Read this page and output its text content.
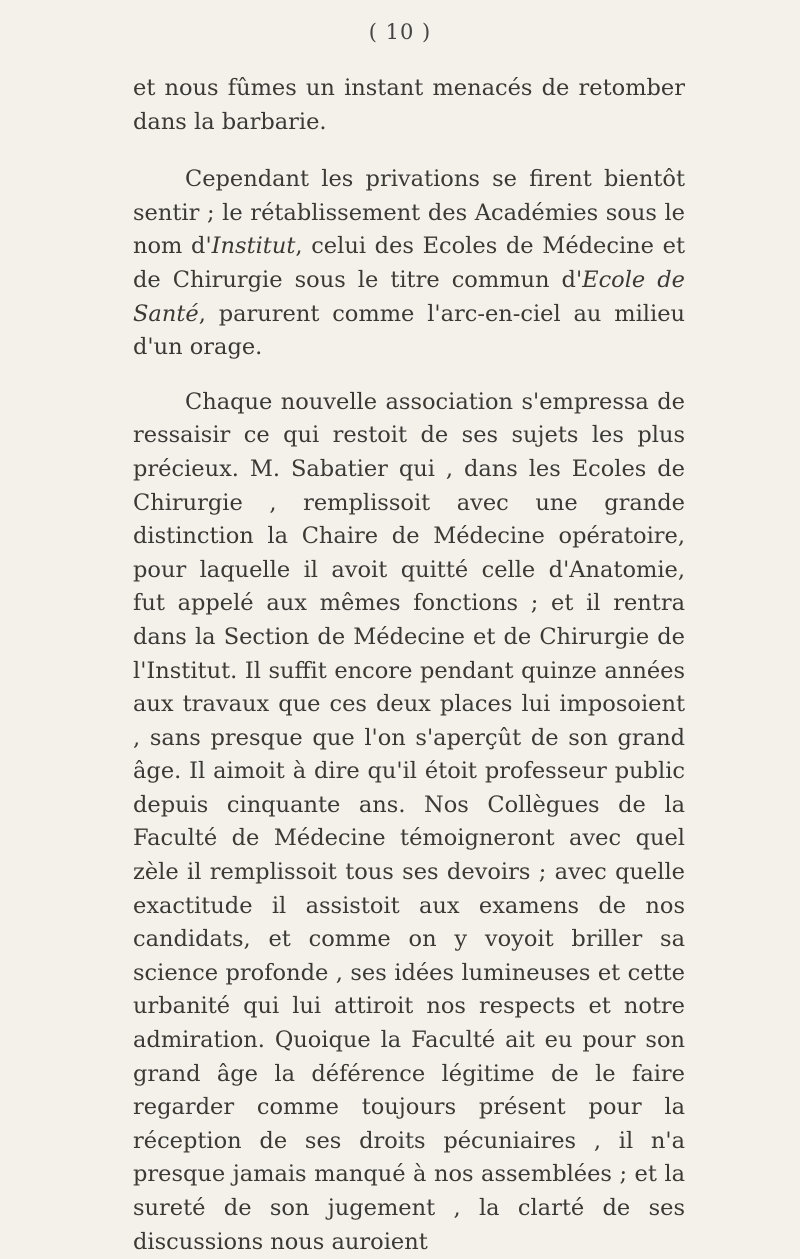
( 10 )

et nous fûmes un instant menacés de retomber dans la barbarie.

Cependant les privations se firent bientôt sentir ; le rétablissement des Académies sous le nom d'Institut, celui des Ecoles de Médecine et de Chirurgie sous le titre commun d'Ecole de Santé, parurent comme l'arc-en-ciel au milieu d'un orage.

Chaque nouvelle association s'empressa de ressaisir ce qui restoit de ses sujets les plus précieux. M. Sabatier qui , dans les Ecoles de Chirurgie , remplissoit avec une grande distinction la Chaire de Médecine opératoire, pour laquelle il avoit quitté celle d'Anatomie, fut appelé aux mêmes fonctions ; et il rentra dans la Section de Médecine et de Chirurgie de l'Institut. Il suffit encore pendant quinze années aux travaux que ces deux places lui imposoient , sans presque que l'on s'aperçût de son grand âge. Il aimoit à dire qu'il étoit professeur public depuis cinquante ans. Nos Collègues de la Faculté de Médecine témoigneront avec quel zèle il remplissoit tous ses devoirs ; avec quelle exactitude il assistoit aux examens de nos candidats, et comme on y voyoit briller sa science profonde , ses idées lumineuses et cette urbanité qui lui attiroit nos respects et notre admiration. Quoique la Faculté ait eu pour son grand âge la déférence légitime de le faire regarder comme toujours présent pour la réception de ses droits pécuniaires , il n'a presque jamais manqué à nos assemblées ; et la sureté de son jugement , la clarté de ses discussions nous auroient
